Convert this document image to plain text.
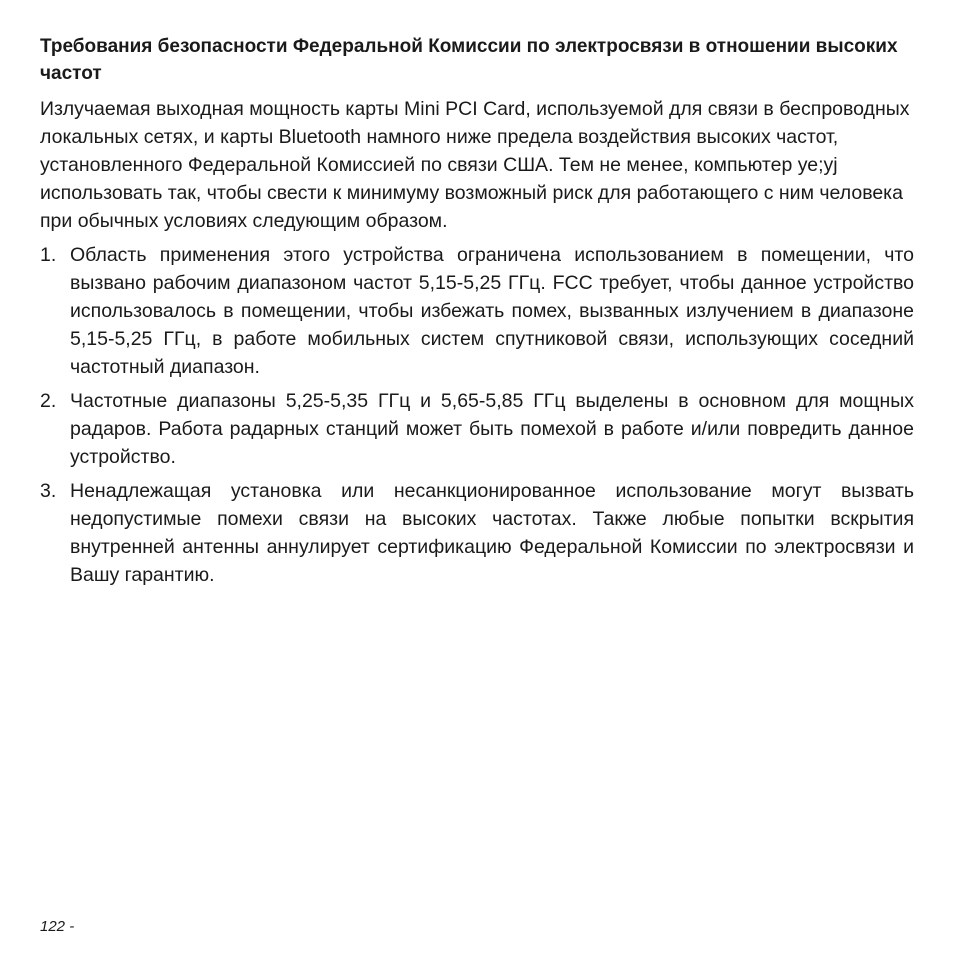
Требования безопасности Федеральной Комиссии по электросвязи в отношении высоких частот

Излучаемая выходная мощность карты Mini PCI Card, используемой для связи в беспроводных локальных сетях, и карты Bluetooth намного ниже предела воздействия высоких частот, установленного Федеральной Комиссией по связи США. Тем не менее, компьютер уе;уj использовать так, чтобы свести к минимуму возможный риск для работающего с ним человека при обычных условиях следующим образом.

1. Область применения этого устройства ограничена использованием в помещении, что вызвано рабочим диапазоном частот 5,15-5,25 ГГц. FCC требует, чтобы данное устройство использовалось в помещении, чтобы избежать помех, вызванных излучением в диапазоне 5,15-5,25 ГГц, в работе мобильных систем спутниковой связи, использующих соседний частотный диапазон.
2. Частотные диапазоны 5,25-5,35 ГГц и 5,65-5,85 ГГц выделены в основном для мощных радаров. Работа радарных станций может быть помехой в работе и/или повредить данное устройство.
3. Ненадлежащая установка или несанкционированное использование могут вызвать недопустимые помехи связи на высоких частотах. Также любые попытки вскрытия внутренней антенны аннулирует сертификацию Федеральной Комиссии по электросвязи и Вашу гарантию.
122 -
